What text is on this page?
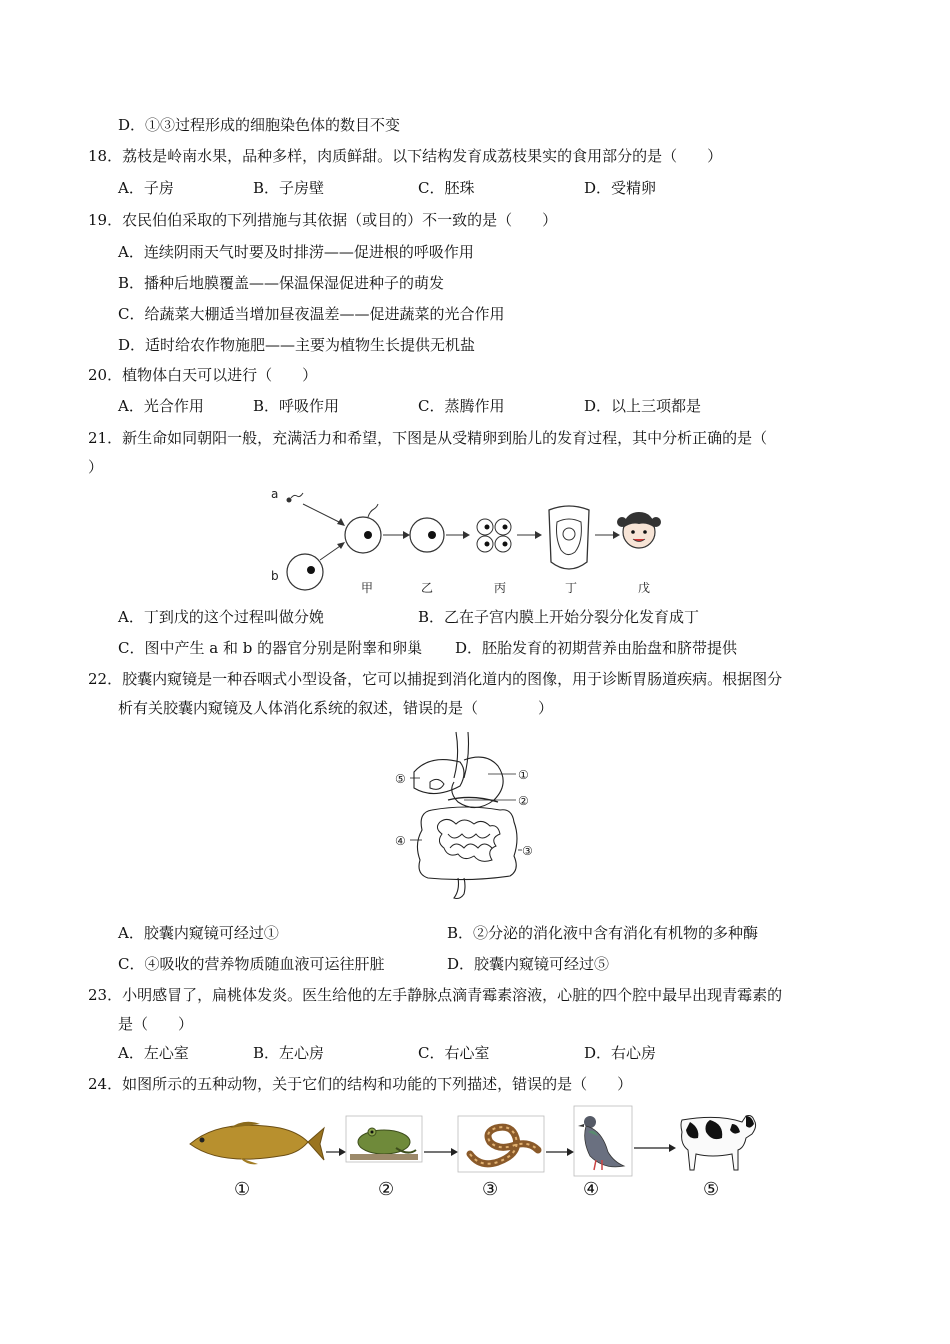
D．①③过程形成的细胞染色体的数目不变
18．荔枝是岭南水果，品种多样，肉质鲜甜。以下结构发育成荔枝果实的食用部分的是（　　）
A．子房	B．子房壁	C．胚珠	D．受精卵
19．农民伯伯采取的下列措施与其依据（或目的）不一致的是（　　）
A．连续阴雨天气时要及时排涝——促进根的呼吸作用
B．播种后地膜覆盖——保温保湿促进种子的萌发
C．给蔬菜大棚适当增加昼夜温差——促进蔬菜的光合作用
D．适时给农作物施肥——主要为植物生长提供无机盐
20．植物体白天可以进行（　　）
A．光合作用	B．呼吸作用	C．蒸腾作用	D．以上三项都是
21．新生命如同朝阳一般，充满活力和希望，下图是从受精卵到胎儿的发育过程，其中分析正确的是（
）
a
b
甲	乙	丙	丁	戊
A．丁到戊的这个过程叫做分娩	B．乙在子宫内膜上开始分裂分化发育成丁
C．图中产生 a 和 b 的器官分别是附睾和卵巢 D．胚胎发育的初期营养由胎盘和脐带提供
22．胶囊内窥镜是一种吞咽式小型设备，它可以捕捉到消化道内的图像，用于诊断胃肠道疾病。根据图分
析有关胶囊内窥镜及人体消化系统的叙述，错误的是（　　　　）
①
②
③
④
⑤
A．胶囊内窥镜可经过①	B．②分泌的消化液中含有消化有机物的多种酶
C．④吸收的营养物质随血液可运往肝脏	D．胶囊内窥镜可经过⑤
23．小明感冒了，扁桃体发炎。医生给他的左手静脉点滴青霉素溶液，心脏的四个腔中最早出现青霉素的
是（　　）
A．左心室	B．左心房	C．右心室	D．右心房
24．如图所示的五种动物，关于它们的结构和功能的下列描述，错误的是（　　）
①	②	③	④	⑤
